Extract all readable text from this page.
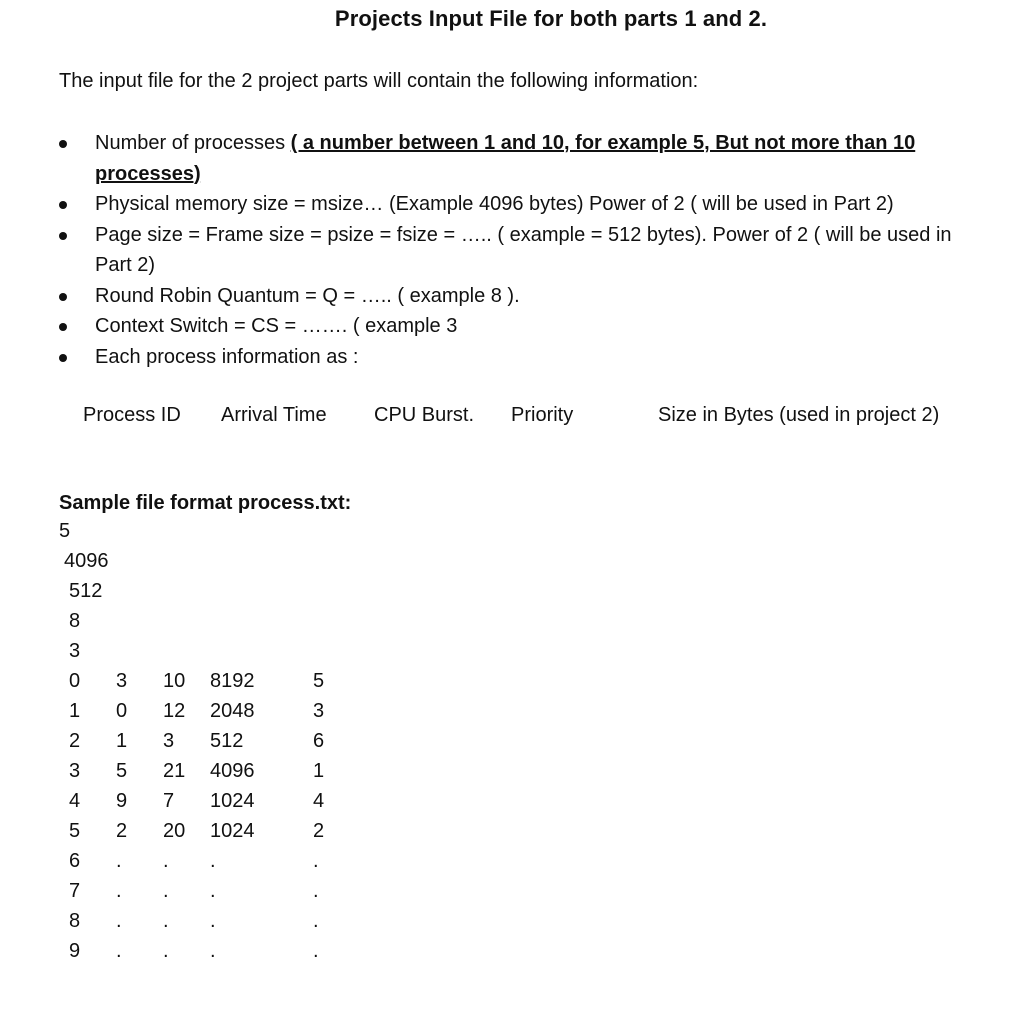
Projects Input File for both parts 1 and 2.
The input file for the 2 project parts will contain the following information:
Number of processes ( a number between 1 and 10, for example 5, But not more than 10 processes)
Physical memory size = msize… (Example 4096 bytes) Power of 2 ( will be used in Part 2)
Page size = Frame size = psize = fsize = ….. ( example = 512 bytes). Power of 2 ( will be used in Part 2)
Round Robin Quantum = Q = ….. ( example 8 ).
Context Switch = CS = ……. ( example 3
Each process information as :
Process ID Arrival Time CPU Burst. Priority	Size in Bytes (used in project 2)
Sample file format process.txt:
5
4096
512
8
3
0 3 10 8192	5
1 0 12 2048	3
2 1 3 512	6
3 5 21 4096	1
4 9 7 1024	4
5 2 20 1024	2
6 . . .	.
7 . . .	.
8 . . .	.
9 . . .	.
